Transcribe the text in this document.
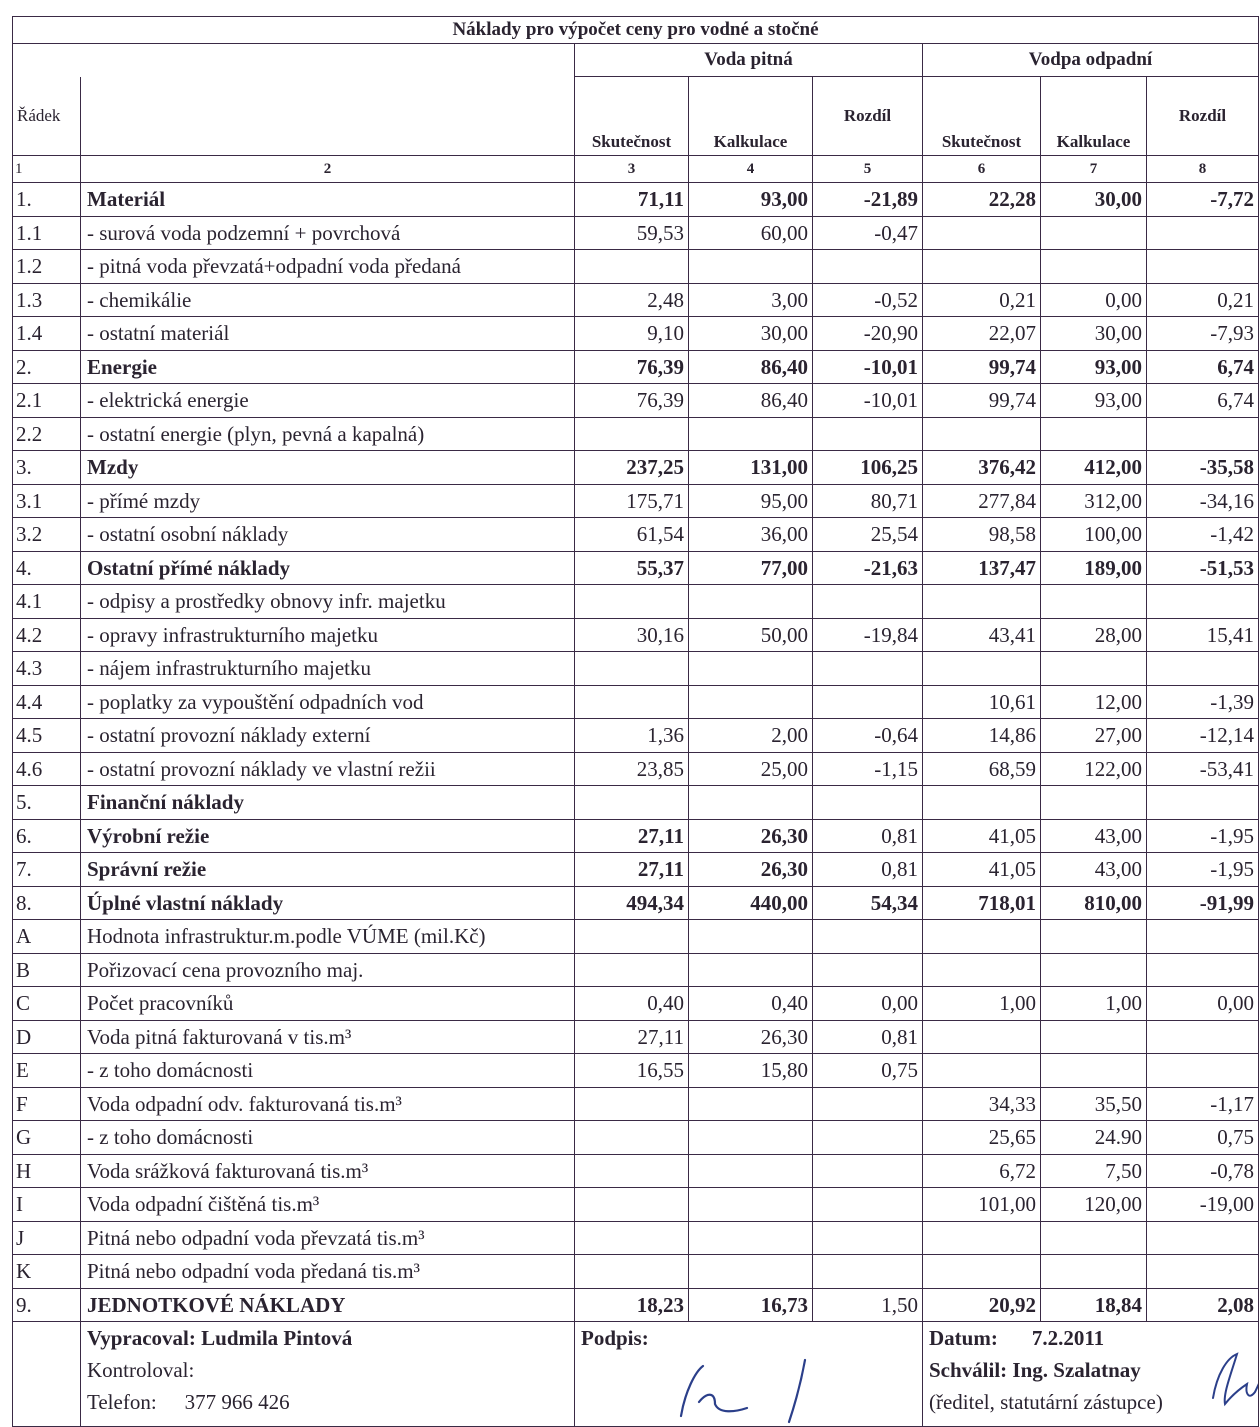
Náklady pro výpočet ceny pro vodné a stočné							
		Voda pitná			Vodpa odpadní		
Řádek		Skutečnost	Kalkulace	Rozdíl	Skutečnost	Kalkulace	Rozdíl
1	2	3	4	5	6	7	8
1.	Materiál	71,11	93,00	-21,89	22,28	30,00	-7,72
1.1	- surová voda podzemní + povrchová	59,53	60,00	-0,47			
1.2	- pitná voda převzatá+odpadní voda předaná						
1.3	- chemikálie	2,48	3,00	-0,52	0,21	0,00	0,21
1.4	- ostatní materiál	9,10	30,00	-20,90	22,07	30,00	-7,93
2.	Energie	76,39	86,40	-10,01	99,74	93,00	6,74
2.1	- elektrická energie	76,39	86,40	-10,01	99,74	93,00	6,74
2.2	- ostatní energie (plyn, pevná a kapalná)						
3.	Mzdy	237,25	131,00	106,25	376,42	412,00	-35,58
3.1	- přímé mzdy	175,71	95,00	80,71	277,84	312,00	-34,16
3.2	- ostatní osobní náklady	61,54	36,00	25,54	98,58	100,00	-1,42
4.	Ostatní přímé náklady	55,37	77,00	-21,63	137,47	189,00	-51,53
4.1	- odpisy a prostředky obnovy infr. majetku						
4.2	- opravy infrastrukturního majetku	30,16	50,00	-19,84	43,41	28,00	15,41
4.3	- nájem infrastrukturního majetku						
4.4	- poplatky za vypouštění odpadních vod				10,61	12,00	-1,39
4.5	- ostatní provozní náklady externí	1,36	2,00	-0,64	14,86	27,00	-12,14
4.6	- ostatní provozní náklady ve vlastní režii	23,85	25,00	-1,15	68,59	122,00	-53,41
5.	Finanční náklady						
6.	Výrobní režie	27,11	26,30	0,81	41,05	43,00	-1,95
7.	Správní režie	27,11	26,30	0,81	41,05	43,00	-1,95
8.	Úplné vlastní náklady	494,34	440,00	54,34	718,01	810,00	-91,99
A	Hodnota infrastruktur.m.podle VÚME (mil.Kč)						
B	Pořizovací cena provozního maj.						
C	Počet pracovníků	0,40	0,40	0,00	1,00	1,00	0,00
D	Voda pitná fakturovaná v tis.m³	27,11	26,30	0,81			
E	- z toho domácnosti	16,55	15,80	0,75			
F	Voda odpadní odv. fakturovaná tis.m³				34,33	35,50	-1,17
G	- z toho domácnosti				25,65	24.90	0,75
H	Voda srážková fakturovaná tis.m³				6,72	7,50	-0,78
I	Voda odpadní čištěná tis.m³				101,00	120,00	-19,00
J	Pitná nebo odpadní voda převzatá tis.m³						
K	Pitná nebo odpadní voda předaná tis.m³						
9.	JEDNOTKOVÉ NÁKLADY	18,23	16,73	1,50	20,92	18,84	2,08

	Vypracoval: Ludmila Pintová
Kontroloval:
Telefon: 377 966 426	Podpis:			Datum: 7.2.2011
Schválil: Ing. Szalatnay
(ředitel, statutární zástupce)		
